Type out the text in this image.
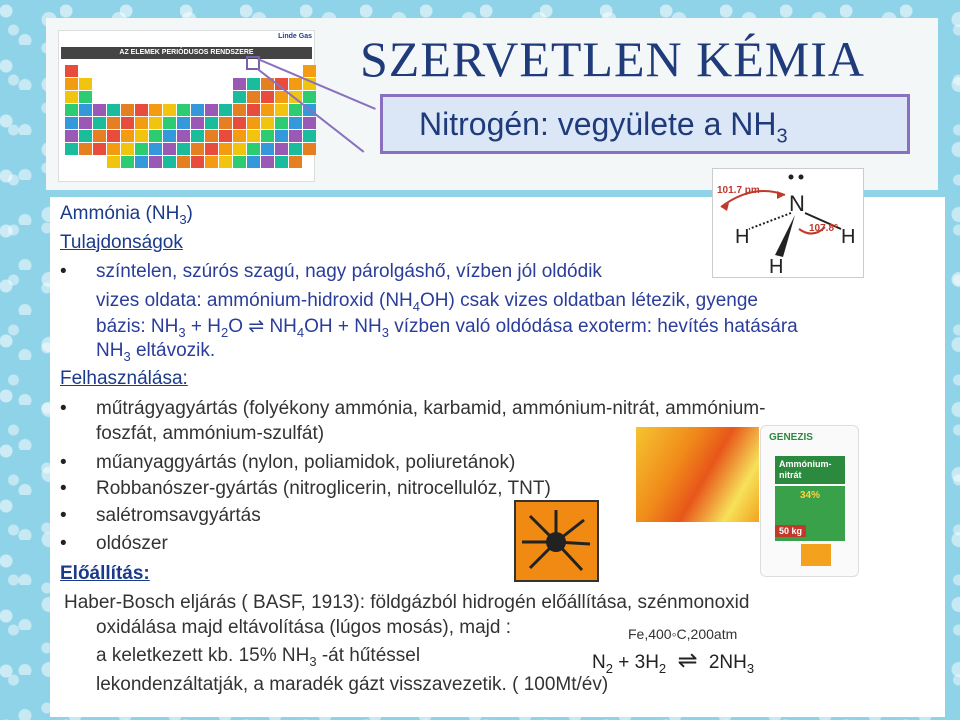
Linde Gas
AZ ELEMEK PERIÓDUSOS RENDSZERE	SZERVETLEN KÉMIA
Nitrogén: vegyülete a $NH_3$
101.7 pm
N
H	H
H
107.8°
Ammónia $(NH_3)$
Tulajdonságok
• színtelen, szúrós szagú, nagy párolgáshő, vízben jól oldódik
vizes oldata: ammónium-hidroxid $(NH_4OH)$ csak vizes oldatban létezik, gyenge
bázis: $NH_3 + H_2O$ ⇌ $NH_4OH + NH_3$ vízben való oldódása exoterm: hevítés hatására
$NH_3$ eltávozik.
Felhasználása:
• műtrágyagyártás (folyékony ammónia, karbamid, ammónium-nitrát, ammónium-
foszfát, ammónium-szulfát)
• műanyaggyártás (nylon, poliamidok, poliuretánok)
• Robbanószer-gyártás (nitroglicerin, nitrocellulóz, TNT)
• salétromsavgyártás
• oldószer
Előállítás:
Haber-Bosch eljárás ( BASF, 1913): földgázból hidrogén előállítása, szénmonoxid
oxidálása majd eltávolítása (lúgos mosás), majd :
a keletkezett kb. 15% $NH_3$ -át hűtéssel
lekondenzáltatják, a maradék gázt visszavezetik. ( 100Mt/év)
Fe,400◦C,200atm
$N_2 + 3H_2$ ⇌ $2NH_3$
GENEZIS
Ammónium-nitrát
34%
50 kg
